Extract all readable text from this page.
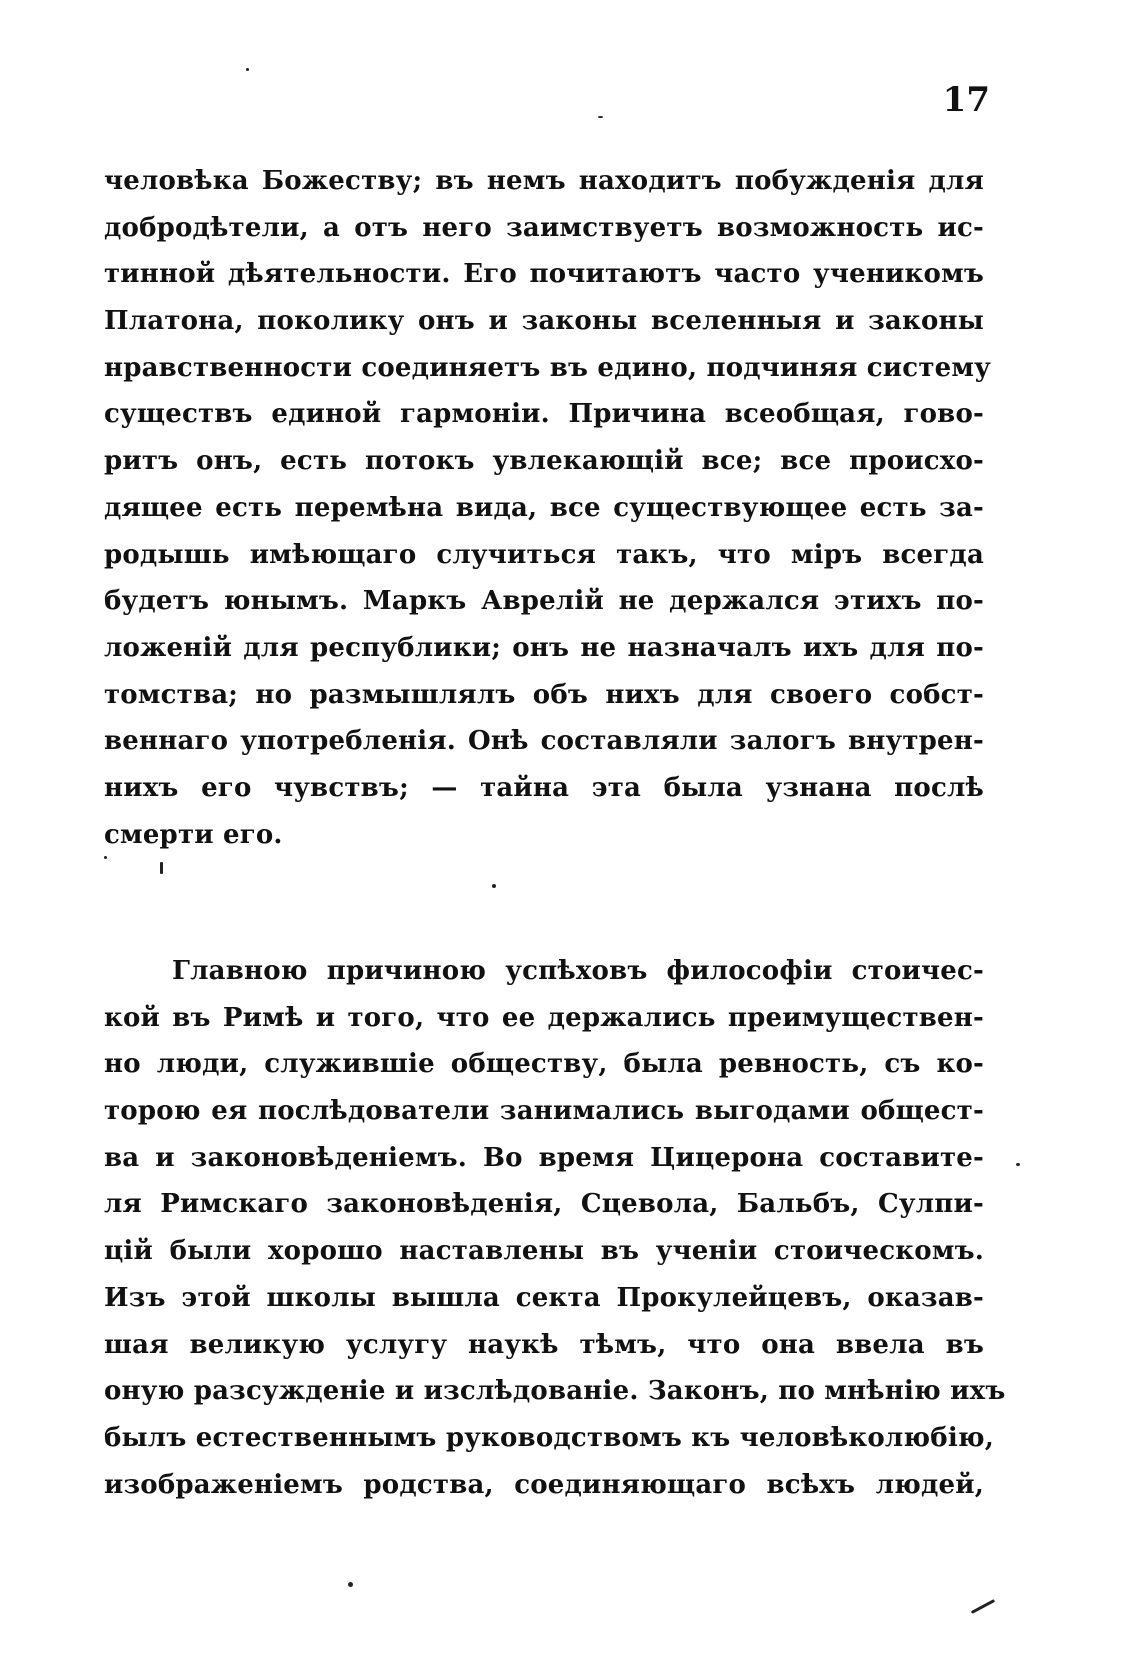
17
человѣка Божеству; въ немъ находитъ побужденія для
добродѣтели, а отъ него заимствуетъ возможность ис-
тинной дѣятельности. Его почитаютъ часто ученикомъ
Платона, поколику онъ и законы вселенныя и законы
нравственности соединяетъ въ едино, подчиняя систему
существъ единой гармоніи. Причина всеобщая, гово-
ритъ онъ, есть потокъ увлекающій все; все происхо-
дящее есть перемѣна вида, все существующее есть за-
родышь имѣющаго случиться такъ, что міръ всегда
будетъ юнымъ. Маркъ Аврелій не держался этихъ по-
ложеній для республики; онъ не назначалъ ихъ для по-
томства; но размышлялъ объ нихъ для своего собст-
веннаго употребленія. Онѣ составляли залогъ внутрен-
нихъ его чувствъ; — тайна эта была узнана послѣ
смерти его.
Главною причиною успѣховъ философіи стоичес-
кой въ Римѣ и того, что ее держались преимуществен-
но люди, служившіе обществу, была ревность, съ ко-
торою ея послѣдователи занимались выгодами общест-
ва и законовѣденіемъ. Во время Цицерона составите-
ля Римскаго законовѣденія, Сцевола, Бальбъ, Сулпи-
цій были хорошо наставлены въ ученіи стоическомъ.
Изъ этой школы вышла секта Прокулейцевъ, оказав-
шая великую услугу наукѣ тѣмъ, что она ввела въ
оную разсужденіе и изслѣдованіе. Законъ, по мнѣнію ихъ
былъ естественнымъ руководствомъ къ человѣколюбію,
изображеніемъ родства, соединяющаго всѣхъ людей,
